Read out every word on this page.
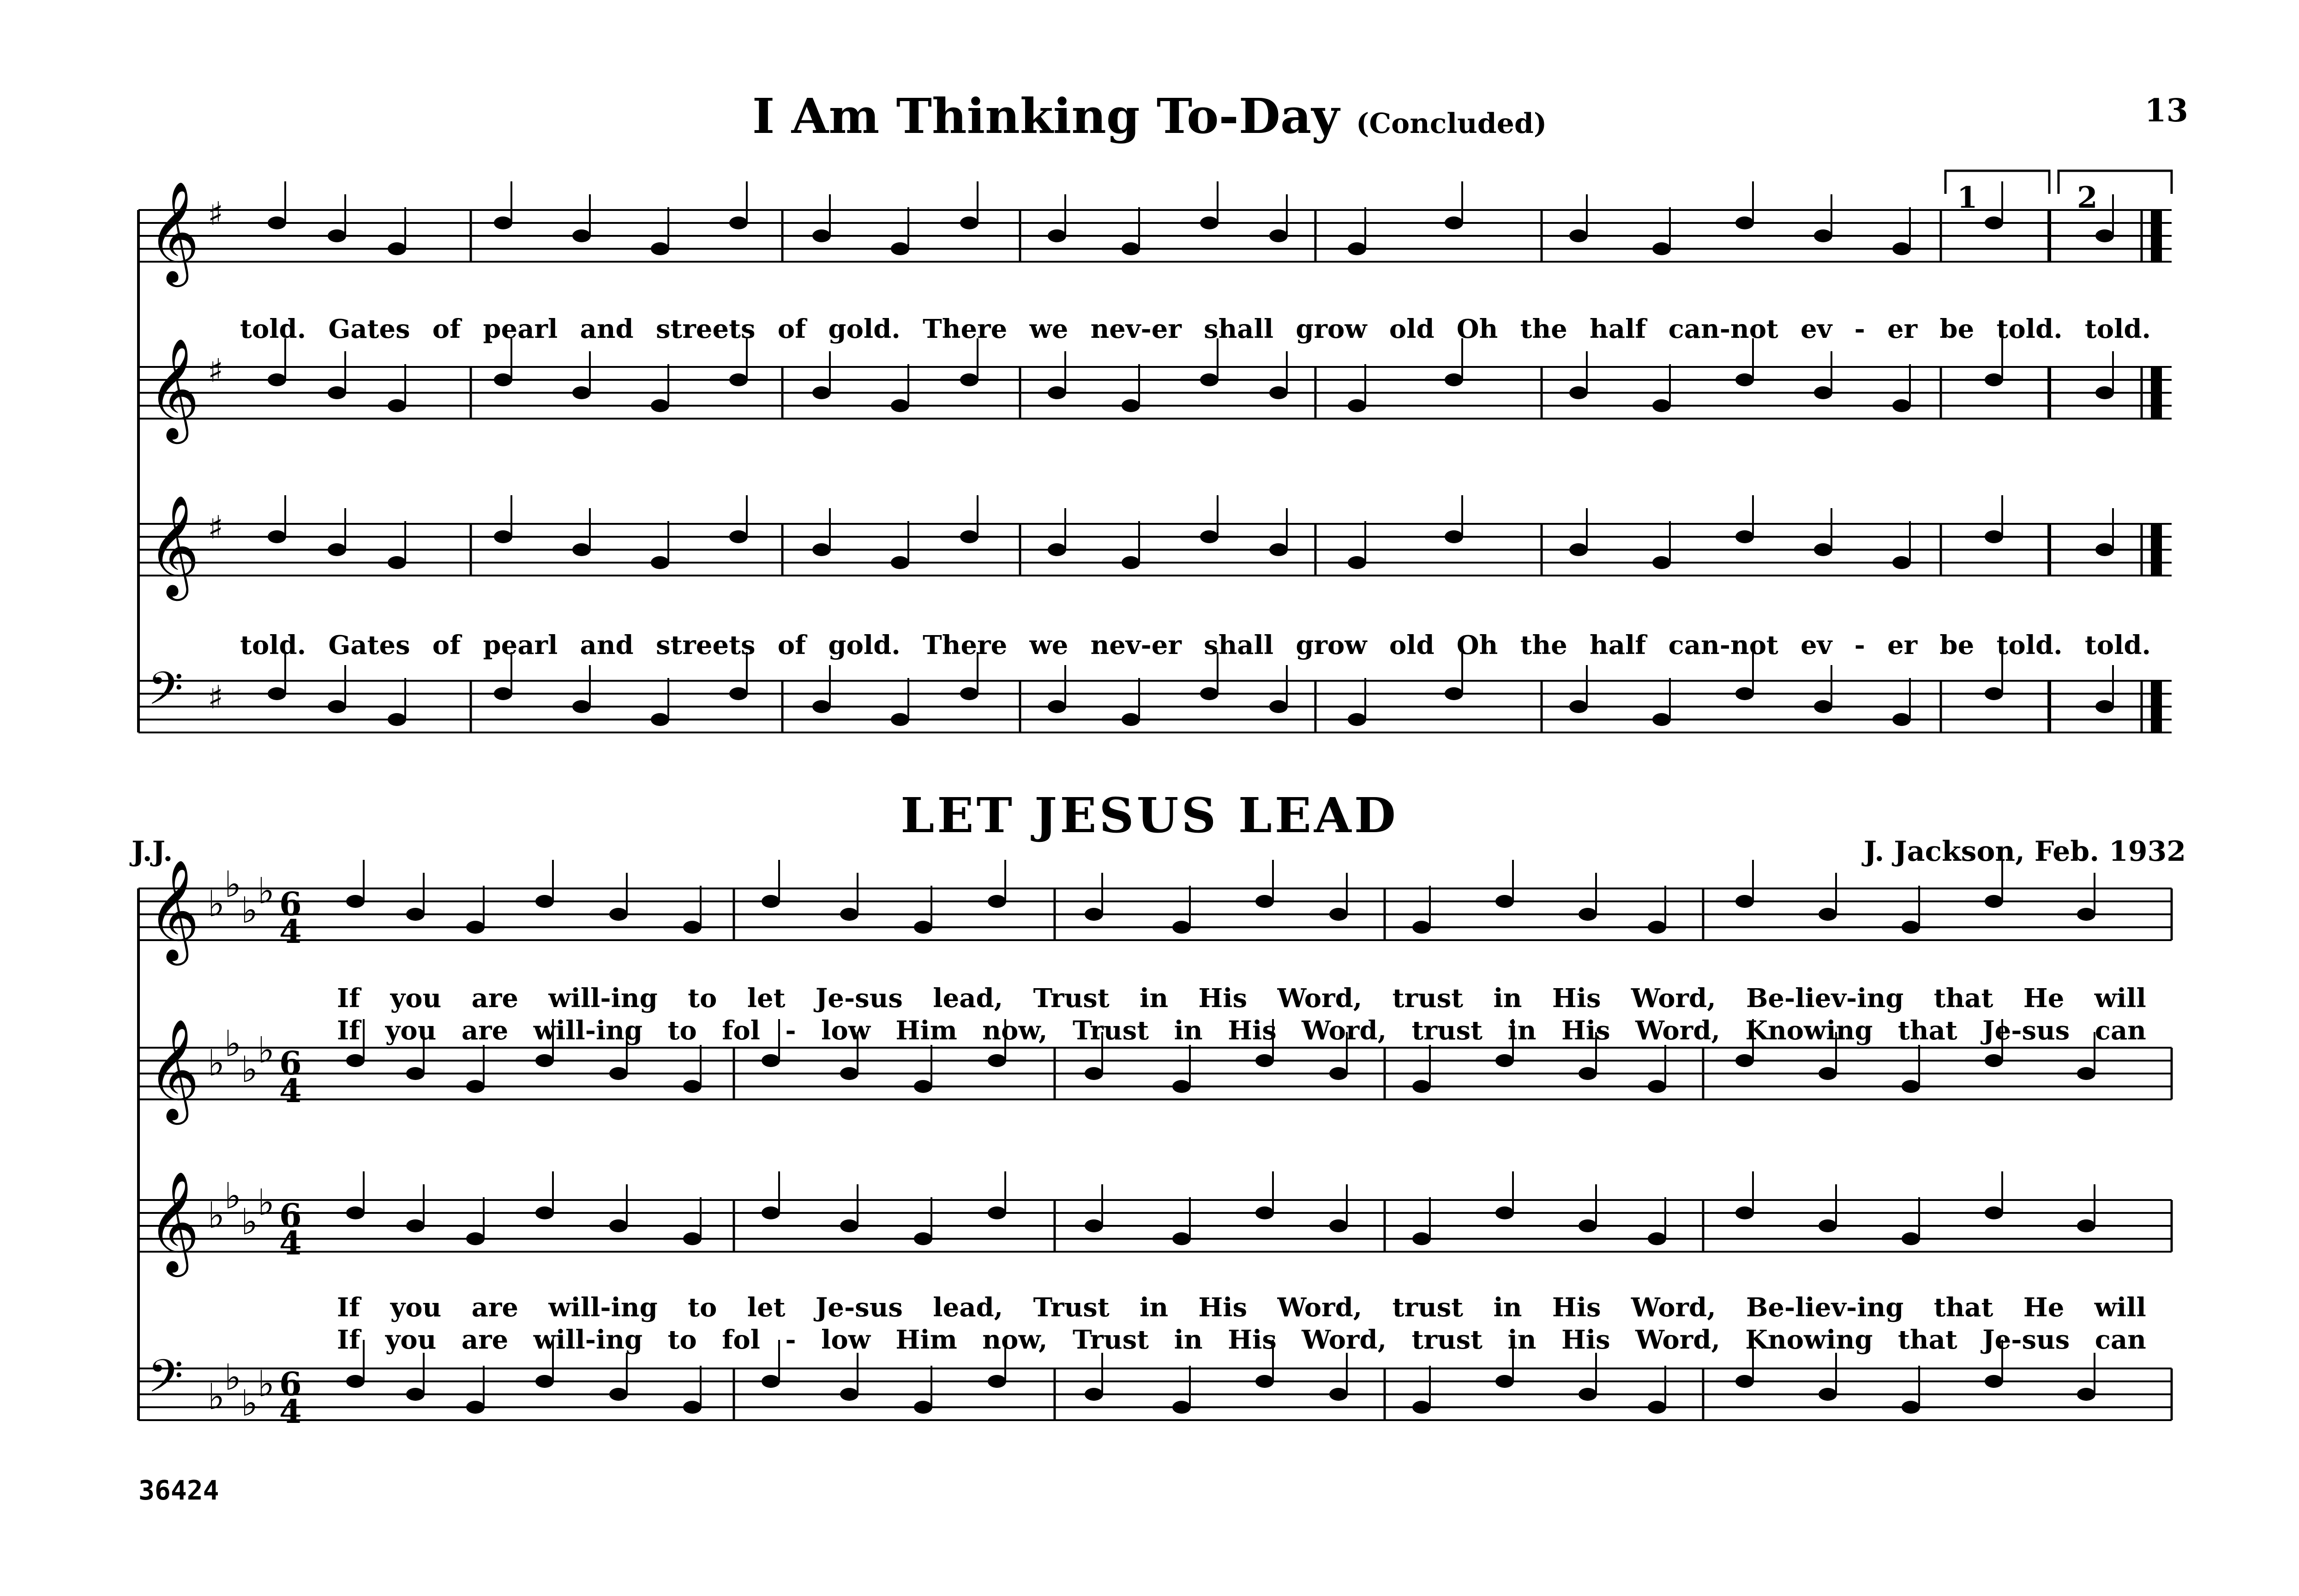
I Am Thinking To-Day (Concluded)	13
told. Gates of pearl and streets of gold. There we nev-er shall grow old Oh the half can-not ev - er be told. told.
told. Gates of pearl and streets of gold. There we nev-er shall grow old Oh the half can-not ev - er be told. told.
LET JESUS LEAD
J.J.	J. Jackson, Feb. 1932
If you are will-ing to let Je-sus lead, Trust in His Word, trust in His Word, Be-liev-ing that He will
If you are will-ing to fol - low Him now, Trust in His Word, trust in His Word, Knowing that Je-sus can
If you are will-ing to let Je-sus lead, Trust in His Word, trust in His Word, Be-liev-ing that He will
If you are will-ing to fol - low Him now, Trust in His Word, trust in His Word, Knowing that Je-sus can
36424
𝄞 ♯
𝄞 ♯
𝄞 ♯
𝄢 ♯
1	2
𝄞 ♭ ♭
♭ ♭ 6
4
𝄞 ♭ ♭
♭ ♭ 6
4
𝄞 ♭ ♭
♭ ♭ 6
4
𝄢 ♭ ♭
♭ ♭ 6
4
